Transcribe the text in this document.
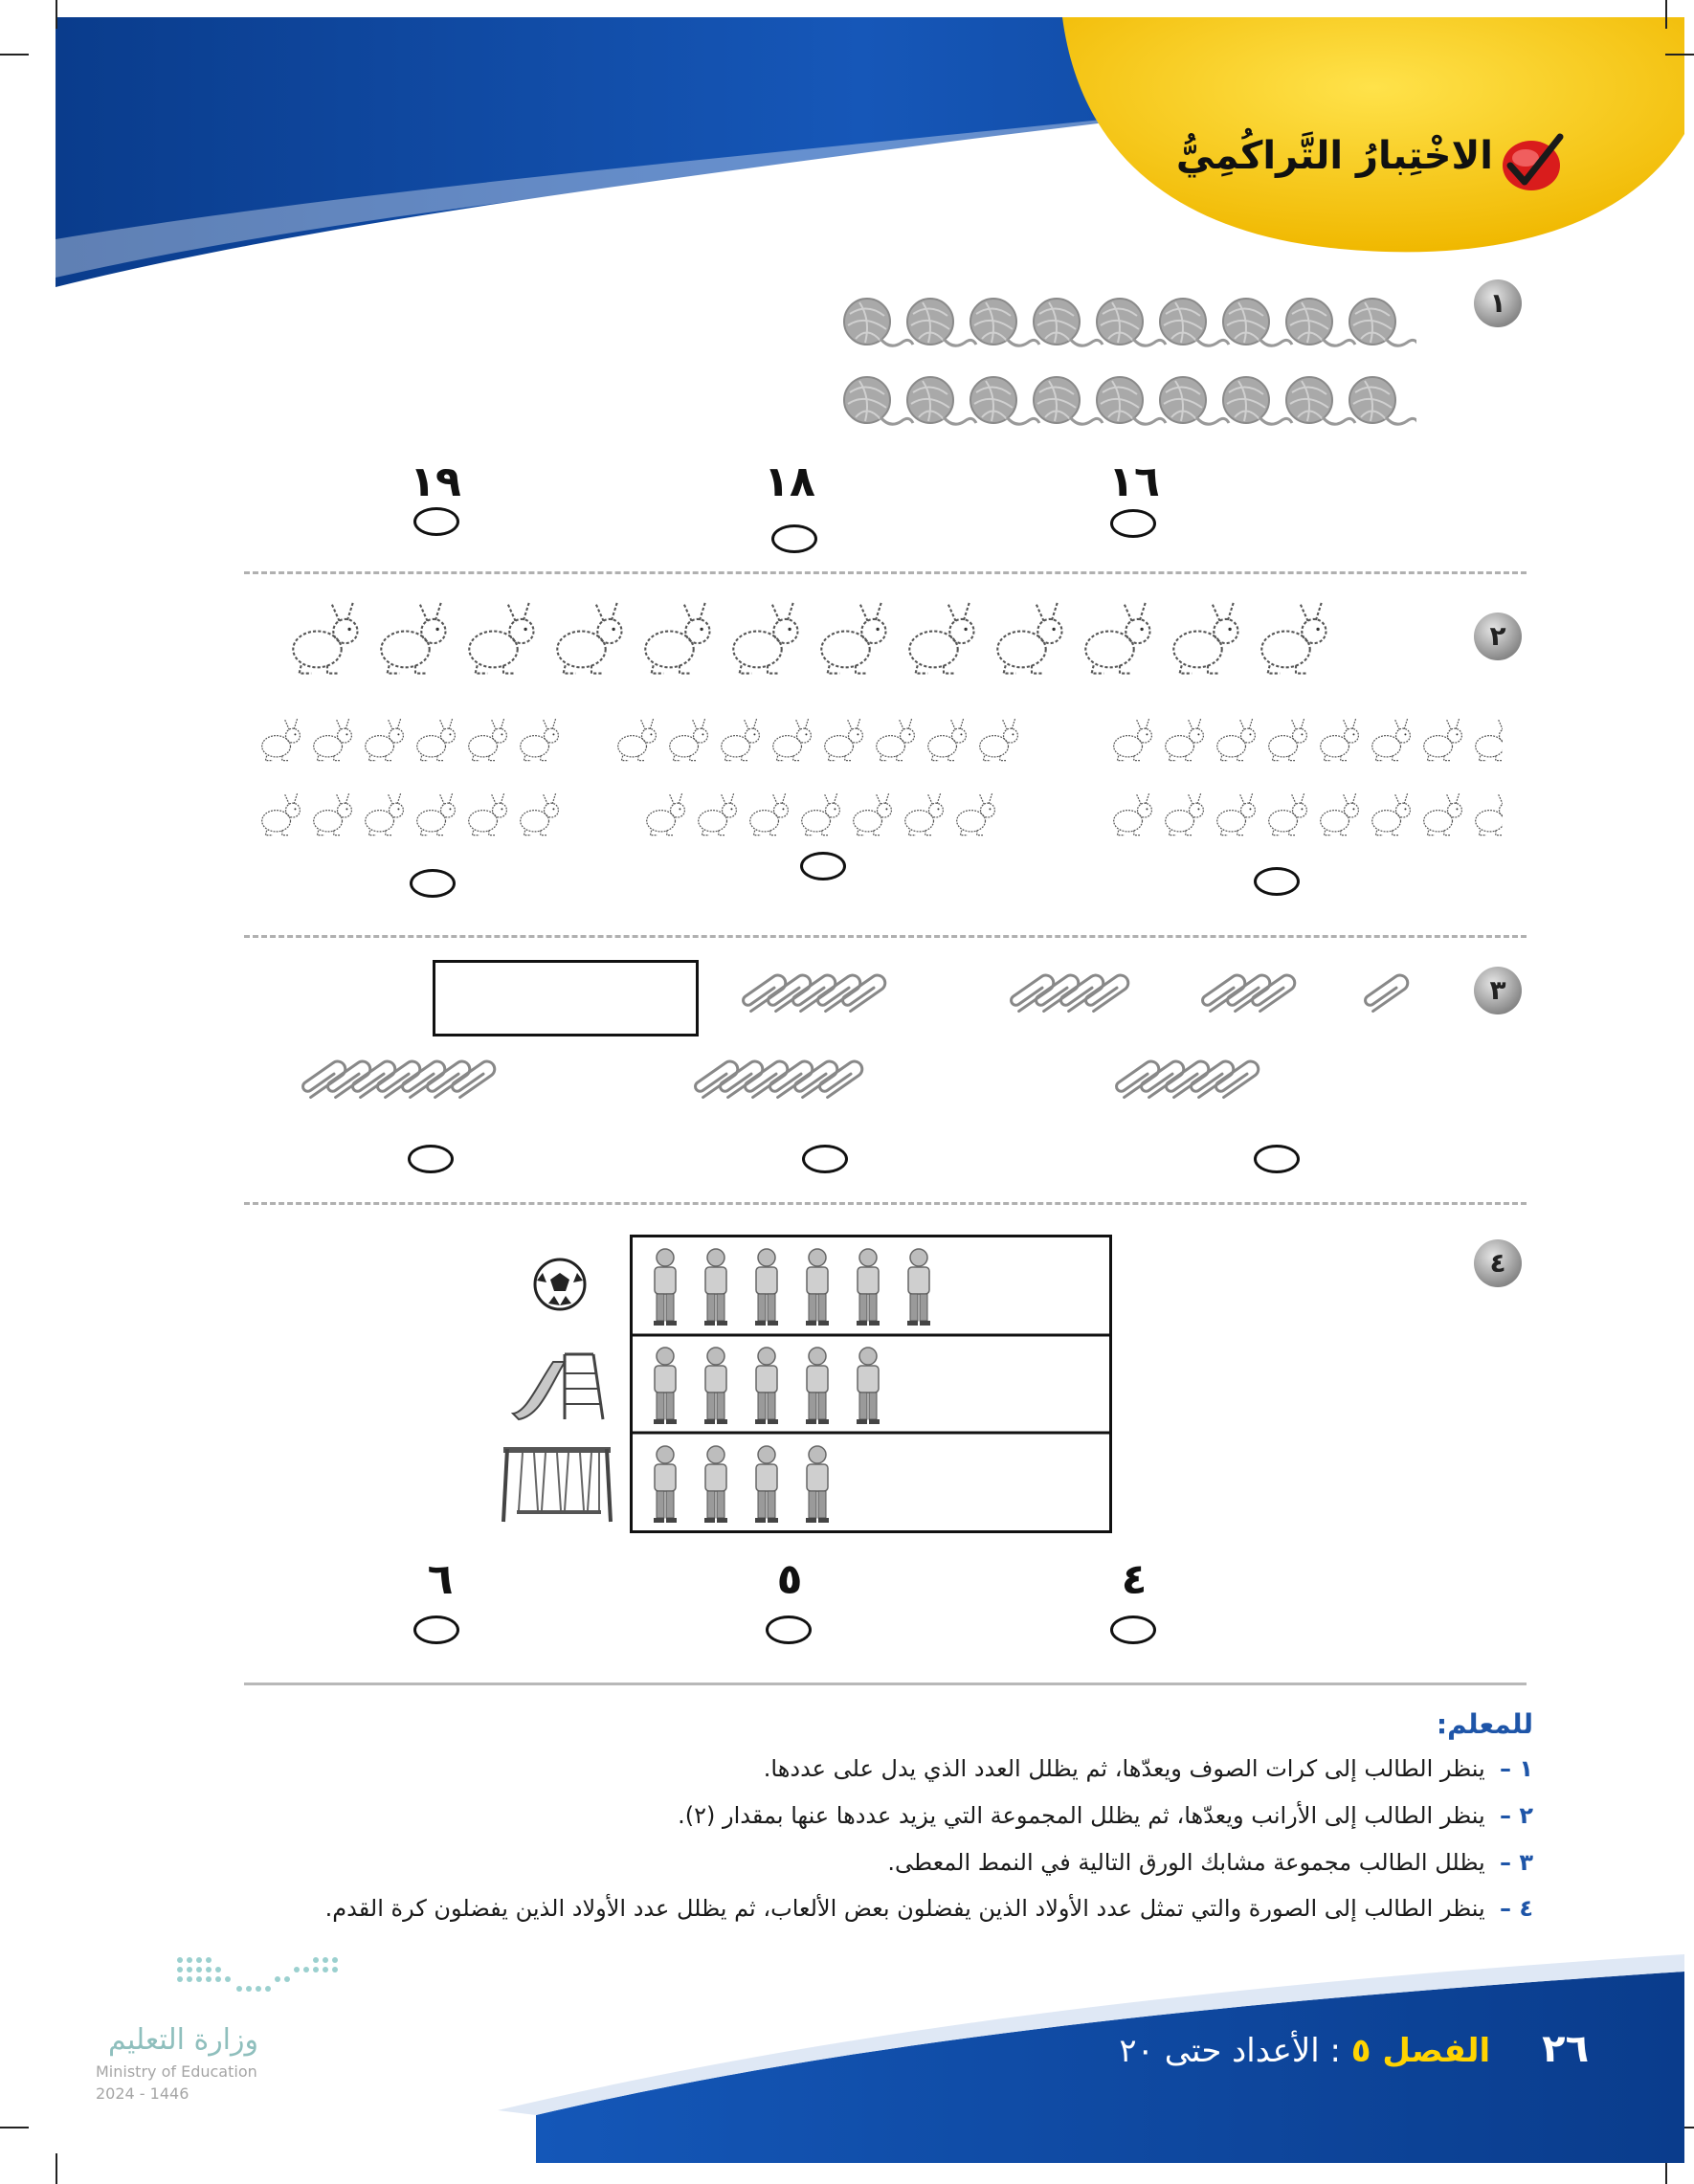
الاخْتِبارُ التَّراكُمِيُّ
١
١٩	١٨	١٦
٢
٣
٤
٦	٥	٤
للمعلم:
١ –  ينظر الطالب إلى كرات الصوف ويعدّها، ثم يظلل العدد الذي يدل على عددها.
٢ –  ينظر الطالب إلى الأرانب ويعدّها، ثم يظلل المجموعة التي يزيد عددها عنها بمقدار (٢).
٣ –  يظلل الطالب مجموعة مشابك الورق التالية في النمط المعطى.
٤ –  ينظر الطالب إلى الصورة والتي تمثل عدد الأولاد الذين يفضلون بعض الألعاب، ثم يظلل عدد الأولاد الذين يفضلون كرة القدم.
٢٦     الفصل ٥ : الأعداد حتى ٢٠
وزارة التعليم
Ministry of Education
2024 - 1446
